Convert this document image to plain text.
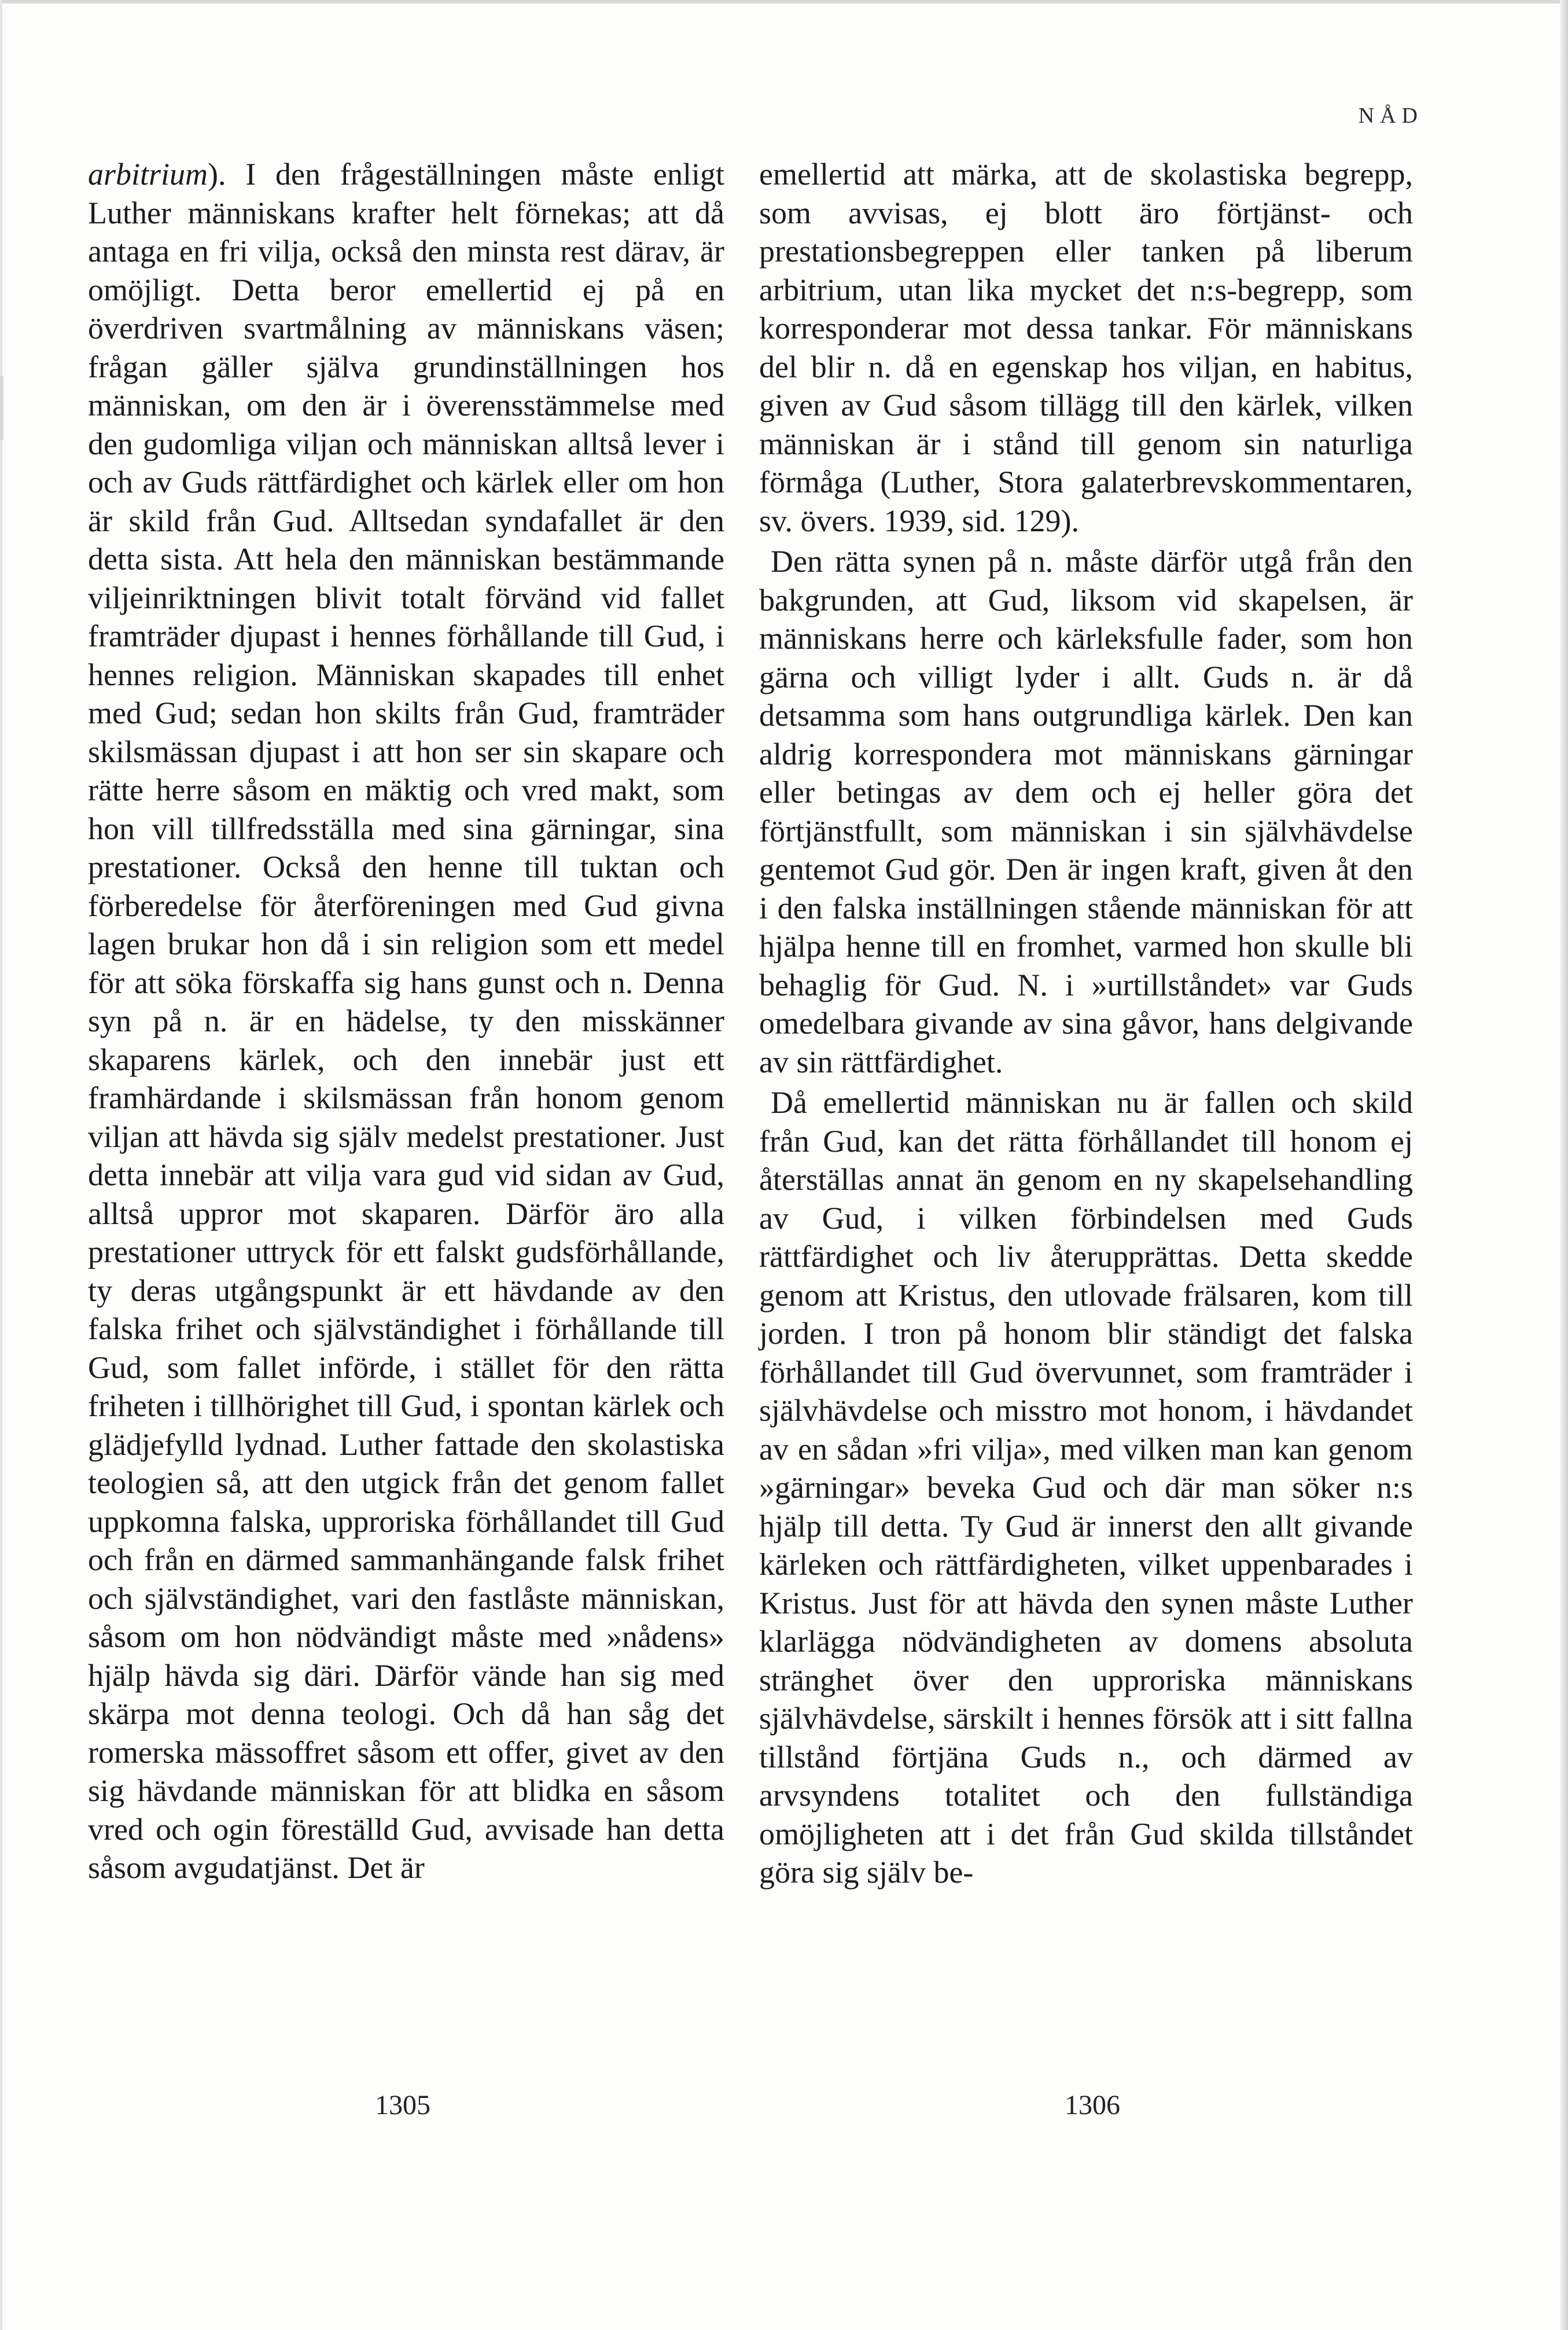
NÅD

arbitrium). I den frågeställningen måste enligt Luther människans krafter helt förnekas; att då antaga en fri vilja, också den minsta rest därav, är omöjligt. Detta beror emellertid ej på en överdriven svartmålning av människans väsen; frågan gäller själva grundinställningen hos människan, om den är i överensstämmelse med den gudomliga viljan och människan alltså lever i och av Guds rättfärdighet och kärlek eller om hon är skild från Gud. Alltsedan syndafallet är den detta sista. Att hela den människan bestämmande viljeinriktningen blivit totalt förvänd vid fallet framträder djupast i hennes förhållande till Gud, i hennes religion. Människan skapades till enhet med Gud; sedan hon skilts från Gud, framträder skilsmässan djupast i att hon ser sin skapare och rätte herre såsom en mäktig och vred makt, som hon vill tillfredsställa med sina gärningar, sina prestationer. Också den henne till tuktan och förberedelse för återföreningen med Gud givna lagen brukar hon då i sin religion som ett medel för att söka förskaffa sig hans gunst och n. Denna syn på n. är en hädelse, ty den misskänner skaparens kärlek, och den innebär just ett framhärdande i skilsmässan från honom genom viljan att hävda sig själv medelst prestationer. Just detta innebär att vilja vara gud vid sidan av Gud, alltså uppror mot skaparen. Därför äro alla prestationer uttryck för ett falskt gudsförhållande, ty deras utgångspunkt är ett hävdande av den falska frihet och självständighet i förhållande till Gud, som fallet införde, i stället för den rätta friheten i tillhörighet till Gud, i spontan kärlek och glädjefylld lydnad. Luther fattade den skolastiska teologien så, att den utgick från det genom fallet uppkomna falska, upproriska förhållandet till Gud och från en därmed sammanhängande falsk frihet och självständighet, vari den fastlåste människan, såsom om hon nödvändigt måste med »nådens» hjälp hävda sig däri. Därför vände han sig med skärpa mot denna teologi. Och då han såg det romerska mässoffret såsom ett offer, givet av den sig hävdande människan för att blidka en såsom vred och ogin föreställd Gud, avvisade han detta såsom avgudatjänst. Det är

emellertid att märka, att de skolastiska begrepp, som avvisas, ej blott äro förtjänst- och prestationsbegreppen eller tanken på liberum arbitrium, utan lika mycket det n:s-begrepp, som korresponderar mot dessa tankar. För människans del blir n. då en egenskap hos viljan, en habitus, given av Gud såsom tillägg till den kärlek, vilken människan är i stånd till genom sin naturliga förmåga (Luther, Stora galaterbrevskommentaren, sv. övers. 1939, sid. 129).

Den rätta synen på n. måste därför utgå från den bakgrunden, att Gud, liksom vid skapelsen, är människans herre och kärleksfulle fader, som hon gärna och villigt lyder i allt. Guds n. är då detsamma som hans outgrundliga kärlek. Den kan aldrig korrespondera mot människans gärningar eller betingas av dem och ej heller göra det förtjänstfullt, som människan i sin självhävdelse gentemot Gud gör. Den är ingen kraft, given åt den i den falska inställningen stående människan för att hjälpa henne till en fromhet, varmed hon skulle bli behaglig för Gud. N. i »urtillståndet» var Guds omedelbara givande av sina gåvor, hans delgivande av sin rättfärdighet.

Då emellertid människan nu är fallen och skild från Gud, kan det rätta förhållandet till honom ej återställas annat än genom en ny skapelsehandling av Gud, i vilken förbindelsen med Guds rättfärdighet och liv återupprättas. Detta skedde genom att Kristus, den utlovade frälsaren, kom till jorden. I tron på honom blir ständigt det falska förhållandet till Gud övervunnet, som framträder i självhävdelse och misstro mot honom, i hävdandet av en sådan »fri vilja», med vilken man kan genom »gärningar» beveka Gud och där man söker n:s hjälp till detta. Ty Gud är innerst den allt givande kärleken och rättfärdigheten, vilket uppenbarades i Kristus. Just för att hävda den synen måste Luther klarlägga nödvändigheten av domens absoluta stränghet över den upproriska människans självhävdelse, särskilt i hennes försök att i sitt fallna tillstånd förtjäna Guds n., och därmed av arvsyndens totalitet och den fullständiga omöjligheten att i det från Gud skilda tillståndet göra sig själv be-

1305	1306
